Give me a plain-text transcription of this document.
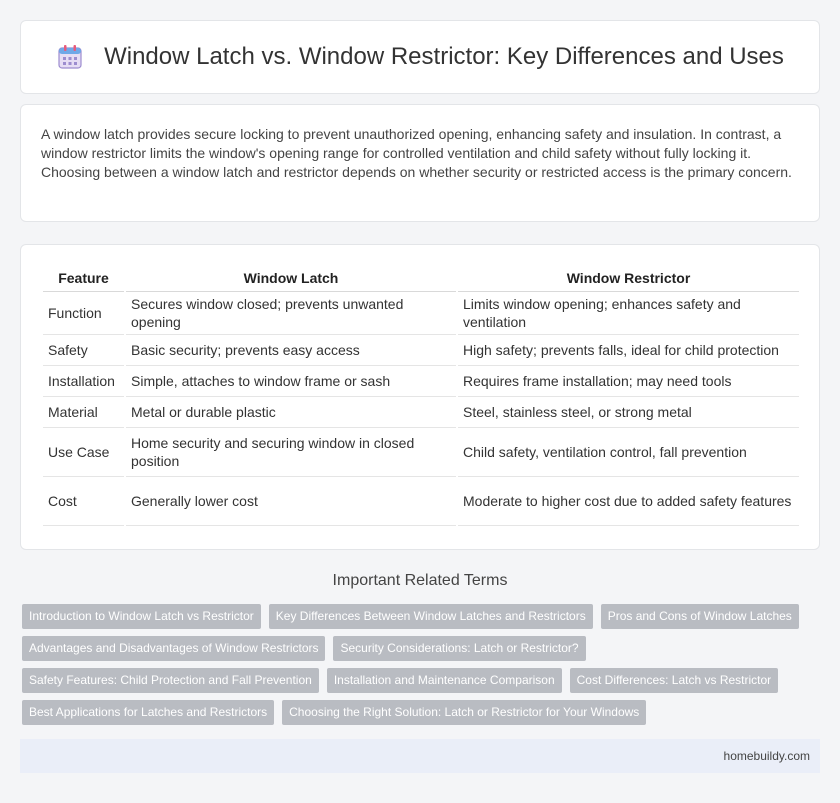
Window Latch vs. Window Restrictor: Key Differences and Uses

A window latch provides secure locking to prevent unauthorized opening, enhancing safety and insulation. In contrast, a window restrictor limits the window's opening range for controlled ventilation and child safety without fully locking it. Choosing between a window latch and restrictor depends on whether security or restricted access is the primary concern.

Feature	Window Latch	Window Restrictor
Function	Secures window closed; prevents unwanted opening	Limits window opening; enhances safety and ventilation
Safety	Basic security; prevents easy access	High safety; prevents falls, ideal for child protection
Installation	Simple, attaches to window frame or sash	Requires frame installation; may need tools
Material	Metal or durable plastic	Steel, stainless steel, or strong metal
Use Case	Home security and securing window in closed position	Child safety, ventilation control, fall prevention
Cost	Generally lower cost	Moderate to higher cost due to added safety features
Important Related Terms
Introduction to Window Latch vs Restrictor	Key Differences Between Window Latches and Restrictors	Pros and Cons of Window Latches
Advantages and Disadvantages of Window Restrictors	Security Considerations: Latch or Restrictor?
Safety Features: Child Protection and Fall Prevention	Installation and Maintenance Comparison	Cost Differences: Latch vs Restrictor
Best Applications for Latches and Restrictors	Choosing the Right Solution: Latch or Restrictor for Your Windows
homebuildy.com
